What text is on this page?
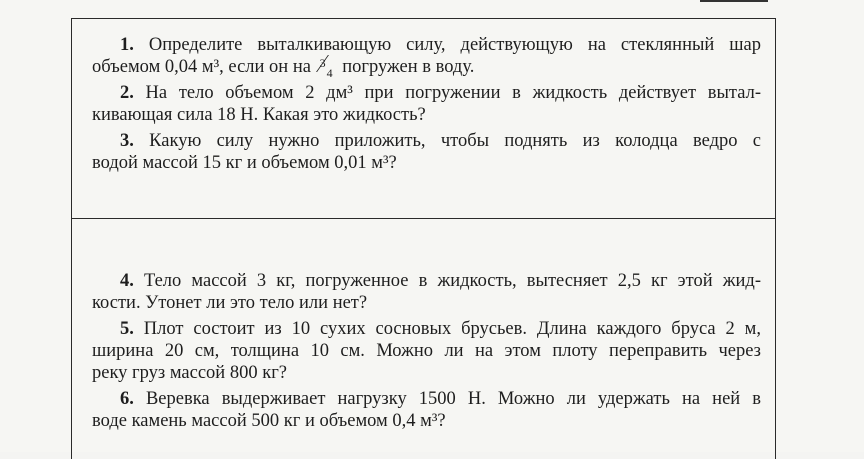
1. Определите выталкивающую силу, действующую на стеклянный шар
объемом 0,04 м³, если он на 3
4 погружен в воду.

2. На тело объемом 2 дм³ при погружении в жидкость действует вытал-
кивающая сила 18 Н. Какая это жидкость?

3. Какую силу нужно приложить, чтобы поднять из колодца ведро с
водой массой 15 кг и объемом 0,01 м³?

4. Тело массой 3 кг, погруженное в жидкость, вытесняет 2,5 кг этой жид-
кости. Утонет ли это тело или нет?

5. Плот состоит из 10 сухих сосновых брусьев. Длина каждого бруса 2 м,
ширина 20 см, толщина 10 см. Можно ли на этом плоту переправить через
реку груз массой 800 кг?

6. Веревка выдерживает нагрузку 1500 Н. Можно ли удержать на ней в
воде камень массой 500 кг и объемом 0,4 м³?
